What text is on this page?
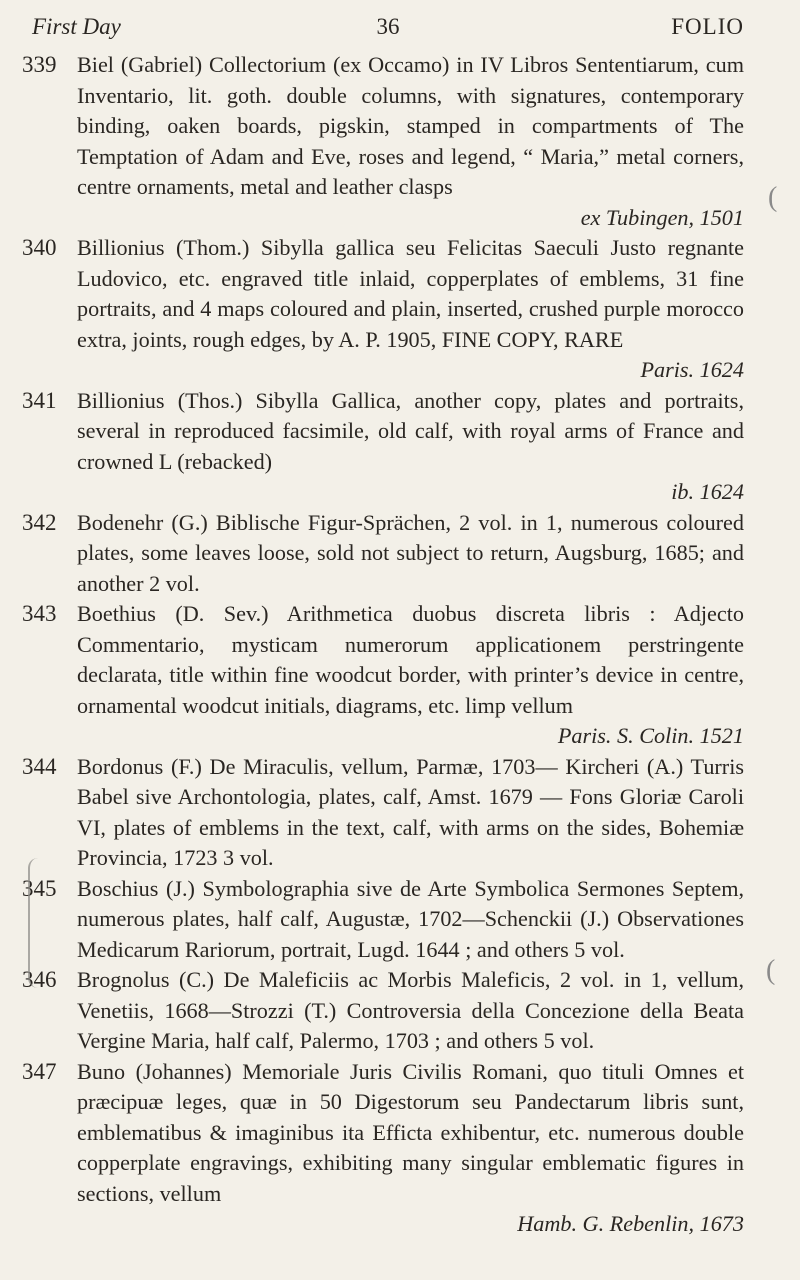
First Day	36	FOLIO
339 Biel (Gabriel) Collectorium (ex Occamo) in IV Libros Sententiarum, cum Inventario, lit. goth. double columns, with signatures, contemporary binding, oaken boards, pigskin, stamped in compartments of The Temptation of Adam and Eve, roses and legend, “ Maria,” metal corners, centre ornaments, metal and leather clasps
ex Tubingen, 1501
340 Billionius (Thom.) Sibylla gallica seu Felicitas Saeculi Justo regnante Ludovico, etc. engraved title inlaid, copperplates of emblems, 31 fine portraits, and 4 maps coloured and plain, inserted, crushed purple morocco extra, joints, rough edges, by A. P. 1905, FINE COPY, RARE
Paris. 1624
341 Billionius (Thos.) Sibylla Gallica, another copy, plates and portraits, several in reproduced facsimile, old calf, with royal arms of France and crowned L (rebacked)
ib. 1624
342 Bodenehr (G.) Biblische Figur-Sprächen, 2 vol. in 1, numerous coloured plates, some leaves loose, sold not subject to return, Augsburg, 1685; and another 2 vol.
343 Boethius (D. Sev.) Arithmetica duobus discreta libris : Adjecto Commentario, mysticam numerorum applicationem perstringente declarata, title within fine woodcut border, with printer’s device in centre, ornamental woodcut initials, diagrams, etc. limp vellum
Paris. S. Colin. 1521
344 Bordonus (F.) De Miraculis, vellum, Parmæ, 1703— Kircheri (A.) Turris Babel sive Archontologia, plates, calf, Amst. 1679 — Fons Gloriæ Caroli VI, plates of emblems in the text, calf, with arms on the sides, Bohemiæ Provincia, 1723 3 vol.
345 Boschius (J.) Symbolographia sive de Arte Symbolica Sermones Septem, numerous plates, half calf, Augustæ, 1702—Schenckii (J.) Observationes Medicarum Rariorum, portrait, Lugd. 1644 ; and others 5 vol.
346 Brognolus (C.) De Maleficiis ac Morbis Maleficis, 2 vol. in 1, vellum, Venetiis, 1668—Strozzi (T.) Controversia della Concezione della Beata Vergine Maria, half calf, Palermo, 1703 ; and others 5 vol.
347 Buno (Johannes) Memoriale Juris Civilis Romani, quo tituli Omnes et præcipuæ leges, quæ in 50 Digestorum seu Pandectarum libris sunt, emblematibus & imaginibus ita Efficta exhibentur, etc. numerous double copperplate engravings, exhibiting many singular emblematic figures in sections, vellum
Hamb. G. Rebenlin, 1673
(
(
